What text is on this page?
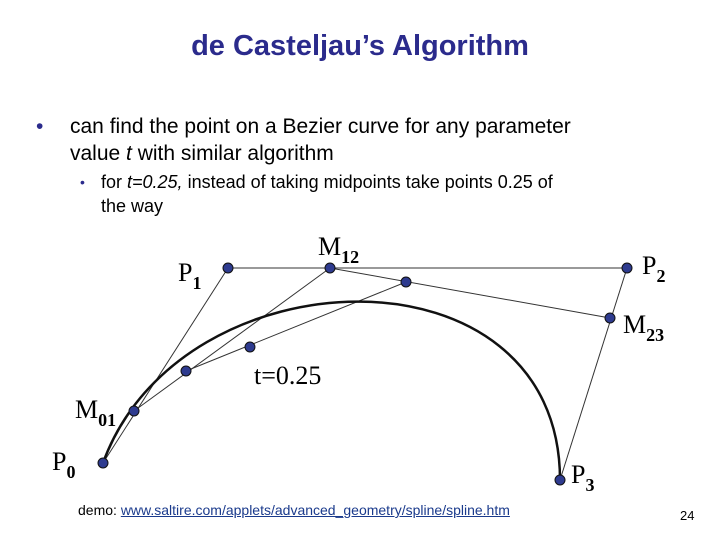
de Casteljau’s Algorithm
• can find the point on a Bezier curve for any parameter
value t with similar algorithm
• for t=0.25, instead of taking midpoints take points 0.25 of
the way
$P_1$
$M_{12}$	$P_2$
$M_{23}$
t=0.25
$M_{01}$
$P_0$	$P_3$
demo: www.saltire.com/applets/advanced_geometry/spline/spline.htm	24
